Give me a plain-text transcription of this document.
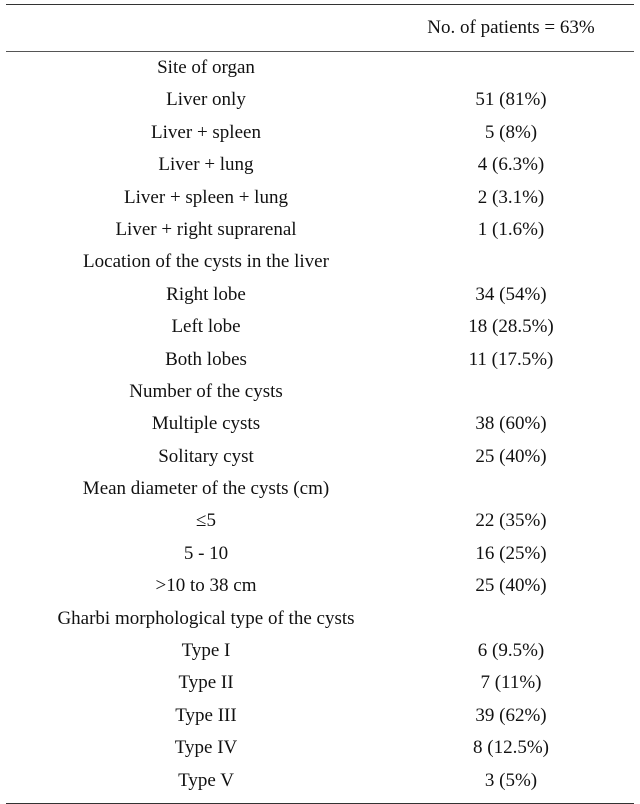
No. of patients = 63%
Site of organ
Liver only	51 (81%)
Liver + spleen	5 (8%)
Liver + lung	4 (6.3%)
Liver + spleen + lung	2 (3.1%)
Liver + right suprarenal	1 (1.6%)
Location of the cysts in the liver
Right lobe	34 (54%)
Left lobe	18 (28.5%)
Both lobes	11 (17.5%)
Number of the cysts
Multiple cysts	38 (60%)
Solitary cyst	25 (40%)
Mean diameter of the cysts (cm)
≤5	22 (35%)
5 - 10	16 (25%)
>10 to 38 cm	25 (40%)
Gharbi morphological type of the cysts
Type I	6 (9.5%)
Type II	7 (11%)
Type III	39 (62%)
Type IV	8 (12.5%)
Type V	3 (5%)
